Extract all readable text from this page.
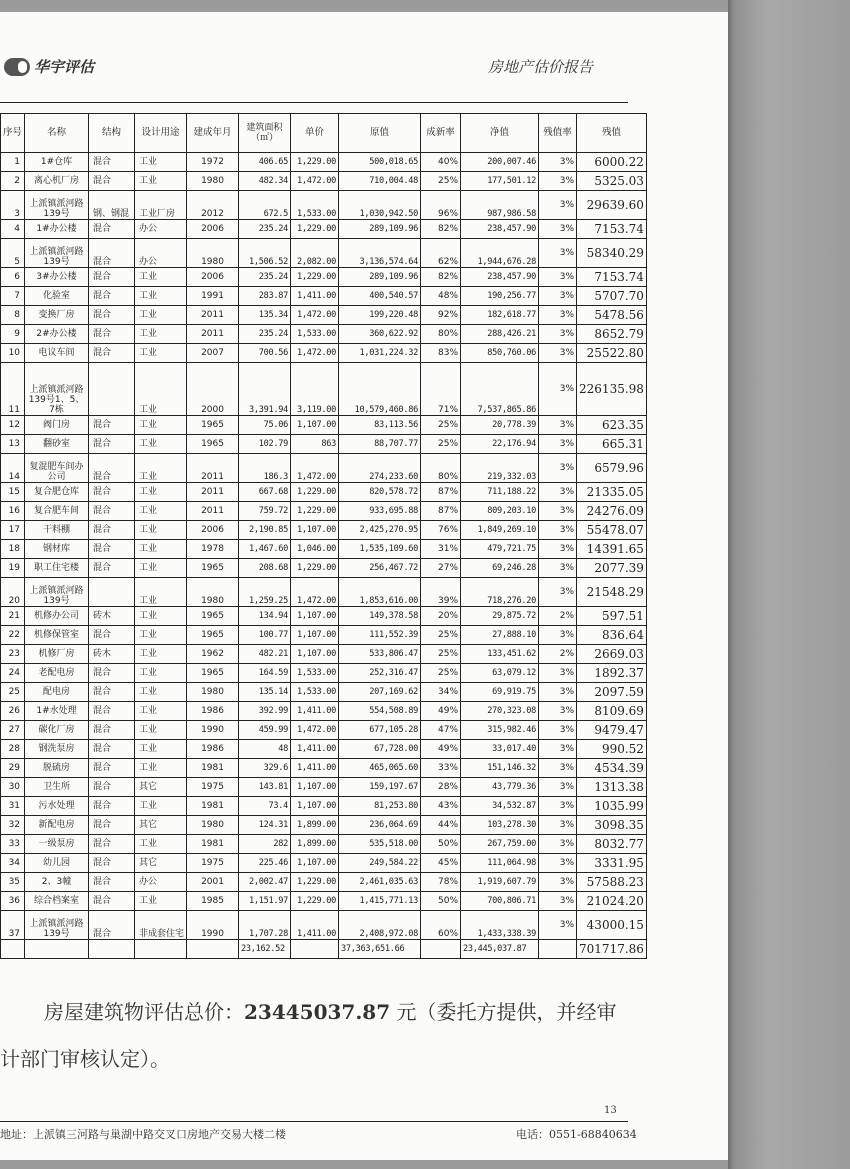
华宇评估	房地产估价报告
序号	名称	结构	设计用途	建成年月	建筑面积（㎡）	单价	原值	成新率	净值	残值率	残值
1	1#仓库	混合	工业	1972	406.65	1,229.00	500,018.65	40%	200,007.46	3%	6000.22
2	离心机厂房	混合	工业	1980	482.34	1,472.00	710,004.48	25%	177,501.12	3%	5325.03
3	上派镇派河路139号	钢、钢混	工业厂房	2012	672.5	1,533.00	1,030,942.50	96%	987,986.58	3%	29639.60
4	1#办公楼	混合	办公	2006	235.24	1,229.00	289,109.96	82%	238,457.90	3%	7153.74
5	上派镇派河路139号	混合	办公	1980	1,506.52	2,082.00	3,136,574.64	62%	1,944,676.28	3%	58340.29
6	3#办公楼	混合	工业	2006	235.24	1,229.00	289,109.96	82%	238,457.90	3%	7153.74
7	化验室	混合	工业	1991	283.87	1,411.00	400,540.57	48%	190,256.77	3%	5707.70
8	变换厂房	混合	工业	2011	135.34	1,472.00	199,220.48	92%	182,618.77	3%	5478.56
9	2#办公楼	混合	工业	2011	235.24	1,533.00	360,622.92	80%	288,426.21	3%	8652.79
10	电议车间	混合	工业	2007	700.56	1,472.00	1,031,224.32	83%	850,760.06	3%	25522.80
11	上派镇派河路139号1、5、7栋		工业	2000	3,391.94	3,119.00	10,579,460.86	71%	7,537,865.86	3%	226135.98
12	阀门房	混合	工业	1965	75.06	1,107.00	83,113.56	25%	20,778.39	3%	623.35
13	翻砂室	混合	工业	1965	102.79	863	88,707.77	25%	22,176.94	3%	665.31
14	复混肥车间办公司	混合	工业	2011	186.3	1,472.00	274,233.60	80%	219,332.03	3%	6579.96
15	复合肥仓库	混合	工业	2011	667.68	1,229.00	820,578.72	87%	711,188.22	3%	21335.05
16	复合肥车间	混合	工业	2011	759.72	1,229.00	933,695.88	87%	809,203.10	3%	24276.09
17	干料棚	混合	工业	2006	2,190.85	1,107.00	2,425,270.95	76%	1,849,269.10	3%	55478.07
18	钢材库	混合	工业	1978	1,467.60	1,046.00	1,535,109.60	31%	479,721.75	3%	14391.65
19	职工住宅楼	混合	工业	1965	208.68	1,229.00	256,467.72	27%	69,246.28	3%	2077.39
20	上派镇派河路139号		工业	1980	1,259.25	1,472.00	1,853,616.00	39%	718,276.20	3%	21548.29
21	机修办公司	砖木	工业	1965	134.94	1,107.00	149,378.58	20%	29,875.72	2%	597.51
22	机修保管室	混合	工业	1965	100.77	1,107.00	111,552.39	25%	27,888.10	3%	836.64
23	机修厂房	砖木	工业	1962	482.21	1,107.00	533,806.47	25%	133,451.62	2%	2669.03
24	老配电房	混合	工业	1965	164.59	1,533.00	252,316.47	25%	63,079.12	3%	1892.37
25	配电房	混合	工业	1980	135.14	1,533.00	207,169.62	34%	69,919.75	3%	2097.59
26	1#水处理	混合	工业	1986	392.99	1,411.00	554,508.89	49%	270,323.08	3%	8109.69
27	碳化厂房	混合	工业	1990	459.99	1,472.00	677,105.28	47%	315,982.46	3%	9479.47
28	钢洗泵房	混合	工业	1986	48	1,411.00	67,728.00	49%	33,017.40	3%	990.52
29	脱硫房	混合	工业	1981	329.6	1,411.00	465,065.60	33%	151,146.32	3%	4534.39
30	卫生所	混合	其它	1975	143.81	1,107.00	159,197.67	28%	43,779.36	3%	1313.38
31	污水处理	混合	工业	1981	73.4	1,107.00	81,253.80	43%	34,532.87	3%	1035.99
32	新配电房	混合	其它	1980	124.31	1,899.00	236,064.69	44%	103,278.30	3%	3098.35
33	一级泵房	混合	工业	1981	282	1,899.00	535,518.00	50%	267,759.00	3%	8032.77
34	幼儿园	混合	其它	1975	225.46	1,107.00	249,584.22	45%	111,064.98	3%	3331.95
35	2、3幢	混合	办公	2001	2,002.47	1,229.00	2,461,035.63	78%	1,919,607.79	3%	57588.23
36	综合档案室	混合	工业	1985	1,151.97	1,229.00	1,415,771.13	50%	700,806.71	3%	21024.20
37	上派镇派河路139号	混合	非成套住宅	1990	1,707.28	1,411.00	2,408,972.08	60%	1,433,338.39	3%	43000.15
					23,162.52		37,363,651.66		23,445,037.87		701717.86
房屋建筑物评估总价：23445037.87 元（委托方提供，并经审
计部门审核认定）。
13
地址：上派镇三河路与巢湖中路交叉口房地产交易大楼二楼	电话：0551-68840634
